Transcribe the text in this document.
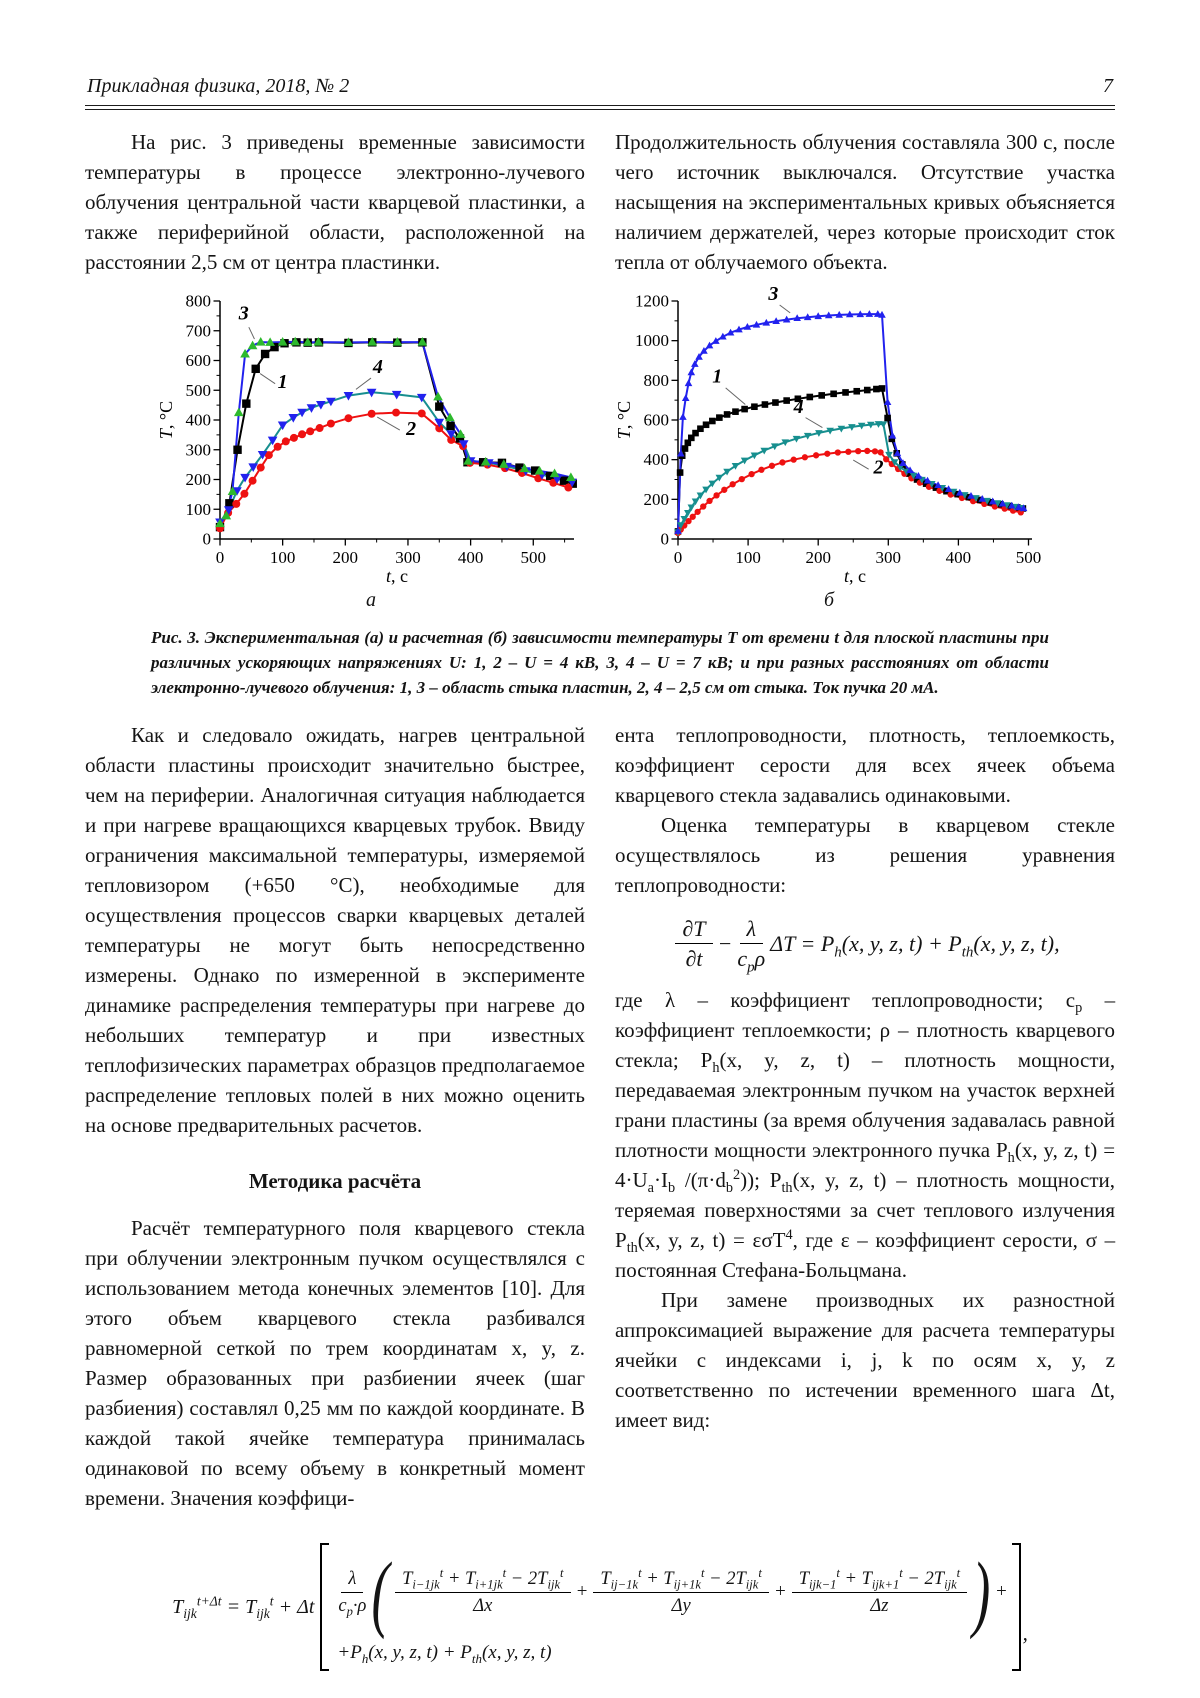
Прикладная физика, 2018, № 2	7

На рис. 3 приведены временные зависимости температуры в процессе электронно-лучевого облучения центральной части кварцевой пластинки, а также периферийной области, расположенной на расстоянии 2,5 см от центра пластинки.

Продолжительность облучения составляла 300 с, после чего источник выключался. Отсутствие участка насыщения на экспериментальных кривых объясняется наличием держателей, через которые происходит сток тепла от облучаемого объекта.

0	100 200 300 400 500
0
100
200
300
400
500
600
700
800
t, с
T, °С
3
1
4
2
а
0	100	200	300	400	500
0
200
400
600
800
1000
1200
t, с
T, °С
3
1
4
2
б
Рис. 3. Экспериментальная (а) и расчетная (б) зависимости температуры T от времени t для плоской пластины при различных ускоряющих напряжениях U: 1, 2 – U = 4 кВ, 3, 4 – U = 7 кВ; и при разных расстояниях от области электронно-лучевого облучения: 1, 3 – область стыка пластин, 2, 4 – 2,5 см от стыка. Ток пучка 20 мА.

Как и следовало ожидать, нагрев центральной области пластины происходит значительно быстрее, чем на периферии. Аналогичная ситуация наблюдается и при нагреве вращающихся кварцевых трубок. Ввиду ограничения максимальной температуры, измеряемой тепловизором (+650 °С), необходимые для осуществления процессов сварки кварцевых деталей температуры не могут быть непосредственно измерены. Однако по измеренной в эксперименте динамике распределения температуры при нагреве до небольших температур и при известных теплофизических параметрах образцов предполагаемое распределение тепловых полей в них можно оценить на основе предварительных расчетов.

Методика расчёта

Расчёт температурного поля кварцевого стекла при облучении электронным пучком осуществлялся с использованием метода конечных элементов [10]. Для этого объем кварцевого стекла разбивался равномерной сеткой по трем координатам x, y, z. Размер образованных при разбиении ячеек (шаг разбиения) составлял 0,25 мм по каждой координате. В каждой такой ячейке температура принималась одинаковой по всему объему в конкретный момент времени. Значения коэффици-

ента теплопроводности, плотность, теплоемкость, коэффициент серости для всех ячеек объема кварцевого стекла задавались одинаковыми.

Оценка температуры в кварцевом стекле осуществлялось из решения уравнения теплопроводности:

$\frac{\partial T}{\partial t} - \frac{\lambda}{c_p\rho}$ $\Delta T = P_h(x$, y, z, $t) + P_{th}(x$, y, z, t),

где λ – коэффициент теплопроводности; $c_p$ – коэффициент теплоемкости; ρ – плотность кварцевого стекла; $P_h(x$, y, z, t) – плотность мощности, передаваемая электронным пучком на участок верхней грани пластины (за время облучения задавалась равной плотности мощности электронного пучка $P_h(x$, y, z, $t) = 4\cdot U_a\cdot I_b$ $/(\pi\cdot d_b^2)$); $P_{th}(x$, y, z, t) – плотность мощности, теряемая поверхностями за счет теплового излучения $P_{th}(x$, y, z, t) = εσT$^4$, где ε – коэффициент серости, σ – постоянная Стефана-Больцмана.

При замене производных их разностной аппроксимацией выражение для расчета температуры ячейки с индексами i, j, k по осям x, y, z соответственно по истечении временного шага Δt, имеет вид:

$T_{ijk}^{t+\Delta t} = T_{ijk}^t + \Delta t \frac{\lambda}{c_p\cdot\rho}$ ( $\frac{T_{i-1jk}^t + T_{i+1jk}^t - 2T_{ijk}^t}{\Delta x} + \frac{T_{ij-1k}^t + T_{ij+1k}^t - 2T_{ijk}^t}{\Delta y} + \frac{T_{ijk-1}^t + T_{ijk+1}^t - 2T_{ijk}^t}{\Delta z}$ ) +
$+P_h(x$, y, z, $t) + P_{th}(x$, y, z, t)
,
